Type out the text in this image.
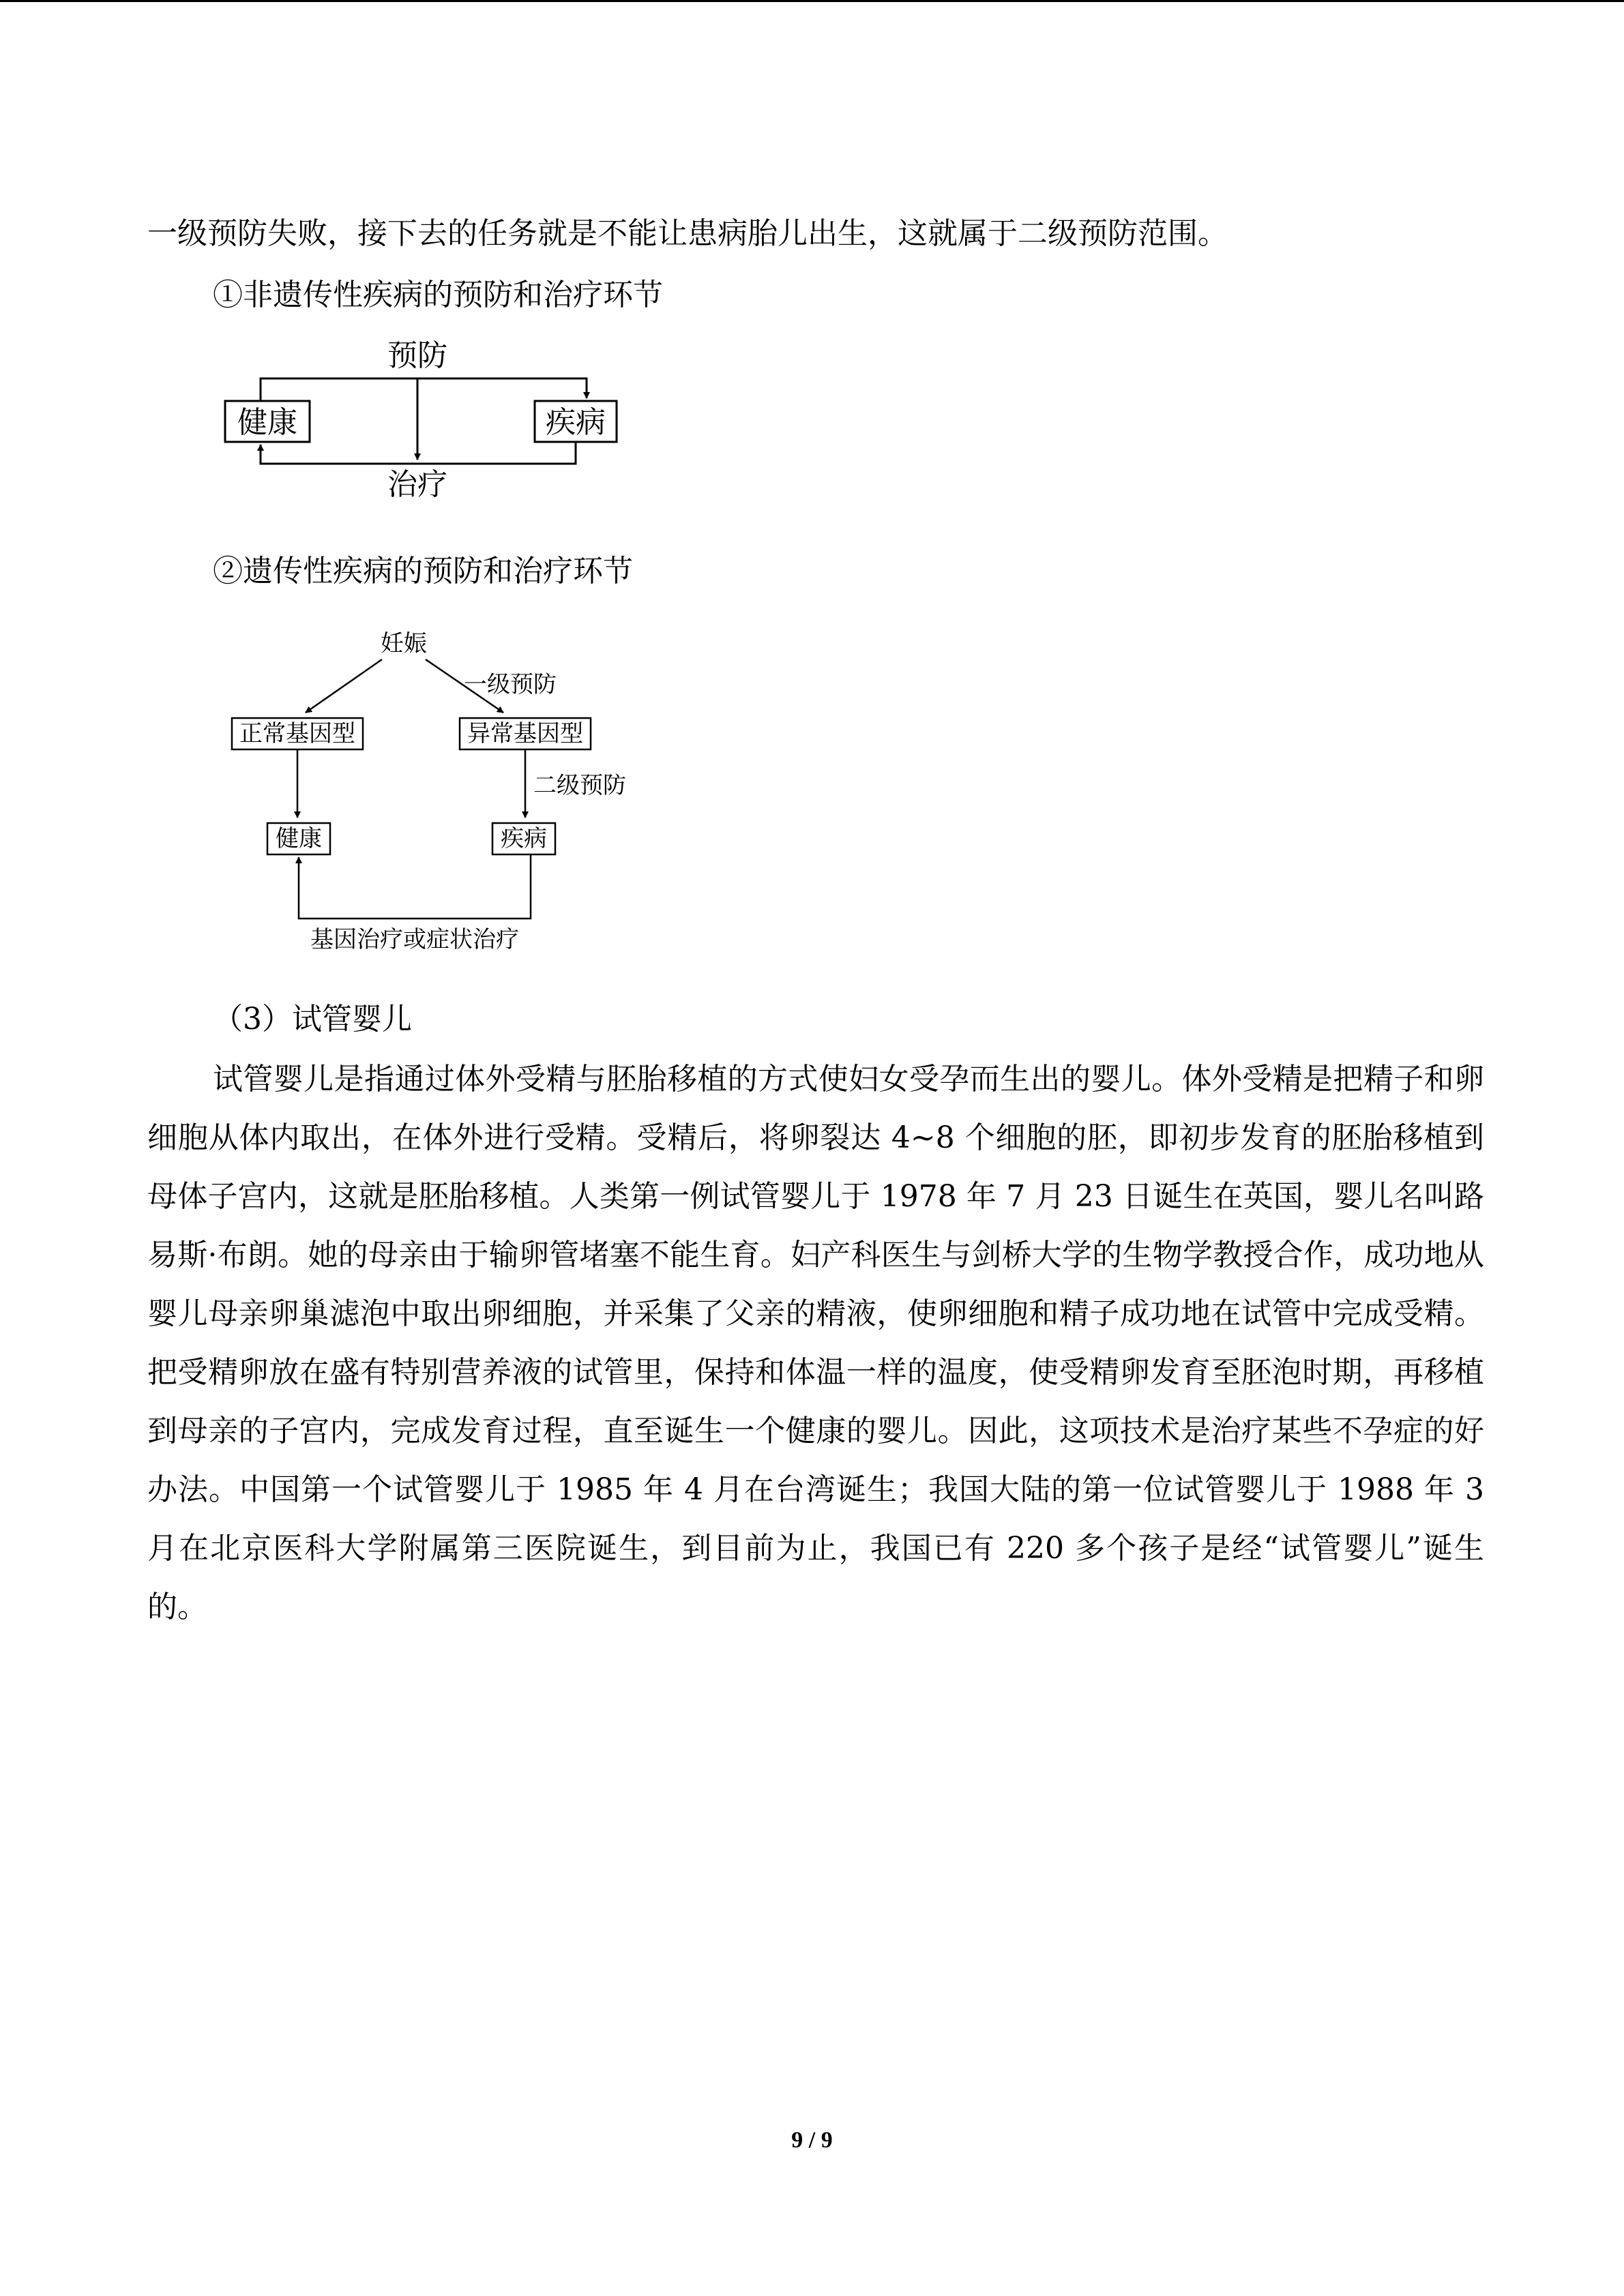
一级预防失败，接下去的任务就是不能让患病胎儿出生，这就属于二级预防范围。

①非遗传性疾病的预防和治疗环节

健康	疾病
预防
治疗

②遗传性疾病的预防和治疗环节

妊娠
一级预防
正常基因型	异常基因型
二级预防
健康	疾病
基因治疗或症状治疗

（3）试管婴儿

试管婴儿是指通过体外受精与胚胎移植的方式使妇女受孕而生出的婴儿。体外受精是把精子和卵细胞从体内取出，在体外进行受精。受精后，将卵裂达 4~8 个细胞的胚，即初步发育的胚胎移植到母体子宫内，这就是胚胎移植。人类第一例试管婴儿于 1978 年 7 月 23 日诞生在英国，婴儿名叫路易斯·布朗。她的母亲由于输卵管堵塞不能生育。妇产科医生与剑桥大学的生物学教授合作，成功地从婴儿母亲卵巢滤泡中取出卵细胞，并采集了父亲的精液，使卵细胞和精子成功地在试管中完成受精。把受精卵放在盛有特别营养液的试管里，保持和体温一样的温度，使受精卵发育至胚泡时期，再移植到母亲的子宫内，完成发育过程，直至诞生一个健康的婴儿。因此，这项技术是治疗某些不孕症的好办法。中国第一个试管婴儿于 1985 年 4 月在台湾诞生；我国大陆的第一位试管婴儿于 1988 年 3 月在北京医科大学附属第三医院诞生，到目前为止，我国已有 220 多个孩子是经“试管婴儿”诞生的。

9 / 9
